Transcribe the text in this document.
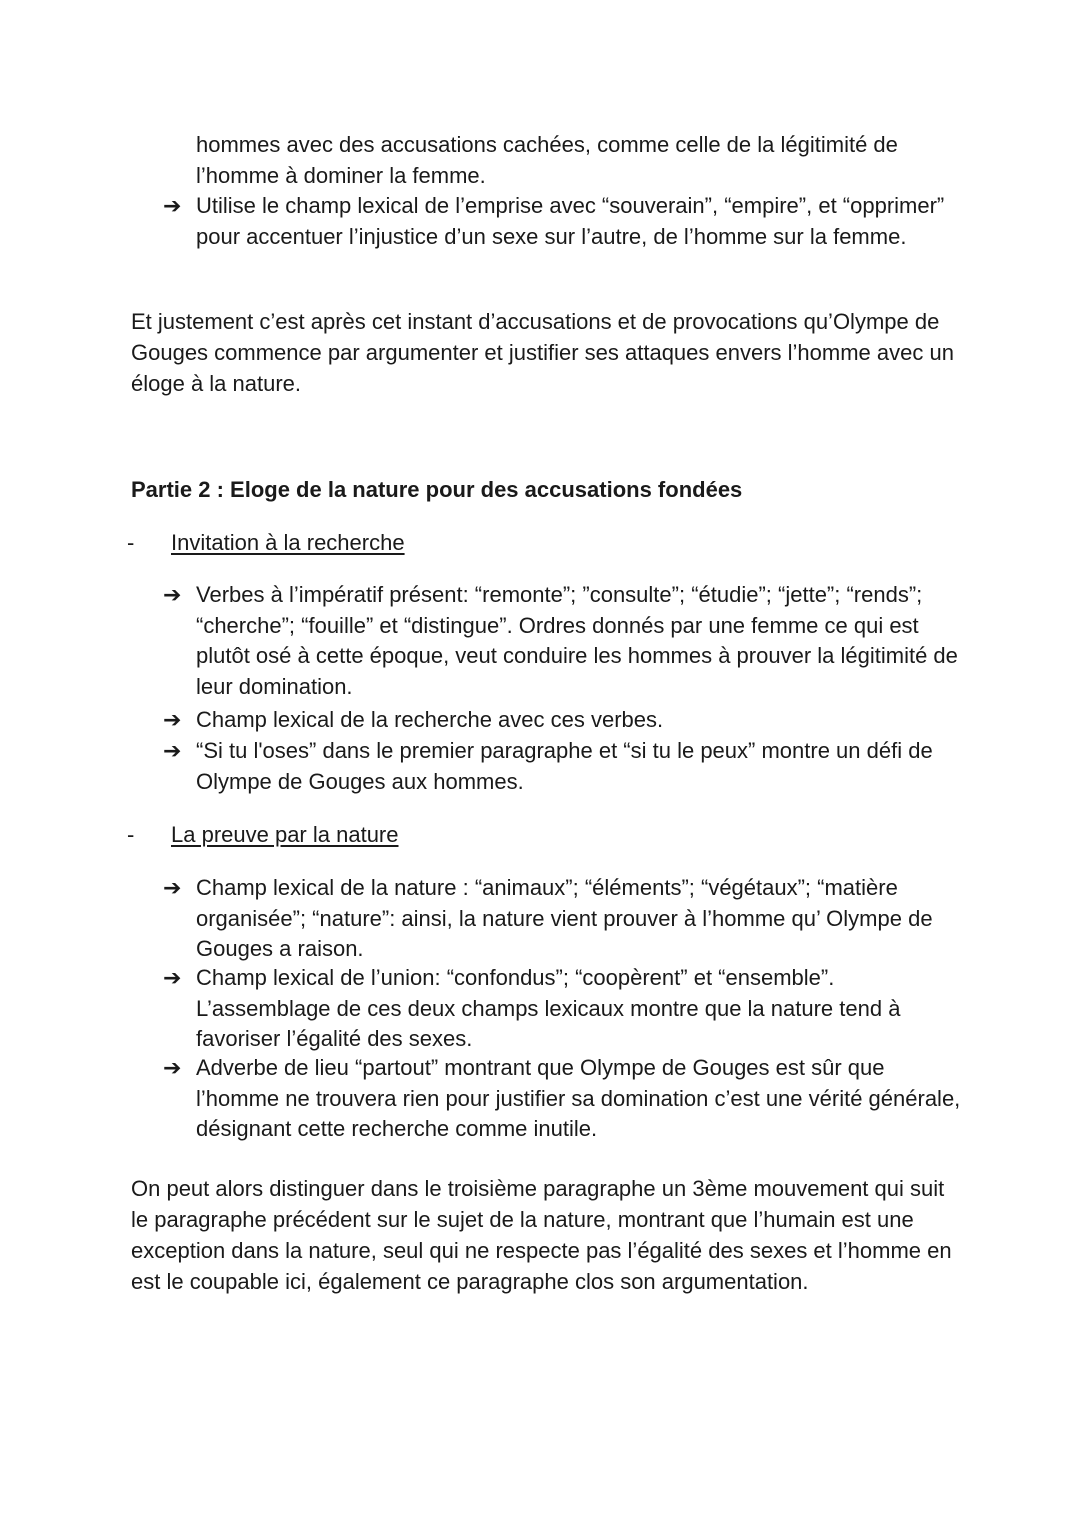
hommes avec des accusations cachées, comme celle de la légitimité de l’homme à dominer la femme.
➔ Utilise le champ lexical de l’emprise avec “souverain”, “empire”, et “opprimer” pour accentuer l’injustice d’un sexe sur l’autre, de l’homme sur la femme.

Et justement c’est après cet instant d’accusations et de provocations qu’Olympe de Gouges commence par argumenter et justifier ses attaques envers l’homme avec un éloge à la nature.

Partie 2 : Eloge de la nature pour des accusations fondées
- Invitation à la recherche
➔ Verbes à l’impératif présent: “remonte”; ”consulte”; “étudie”; “jette”; “rends”; “cherche”; “fouille” et “distingue”. Ordres donnés par une femme ce qui est plutôt osé à cette époque, veut conduire les hommes à prouver la légitimité de leur domination.
➔ Champ lexical de la recherche avec ces verbes.
➔ “Si tu l'oses” dans le premier paragraphe et “si tu le peux” montre un défi de Olympe de Gouges aux hommes.
- La preuve par la nature
➔ Champ lexical de la nature : “animaux”; “éléments”; “végétaux”; “matière organisée”; “nature”: ainsi, la nature vient prouver à l’homme qu’ Olympe de Gouges a raison.
➔ Champ lexical de l’union: “confondus”; “coopèrent” et “ensemble”. L’assemblage de ces deux champs lexicaux montre que la nature tend à favoriser l’égalité des sexes.
➔ Adverbe de lieu “partout” montrant que Olympe de Gouges est sûr que l’homme ne trouvera rien pour justifier sa domination c’est une vérité générale, désignant cette recherche comme inutile.

On peut alors distinguer dans le troisième paragraphe un 3ème mouvement qui suit le paragraphe précédent sur le sujet de la nature, montrant que l’humain est une exception dans la nature, seul qui ne respecte pas l’égalité des sexes et l’homme en est le coupable ici, également ce paragraphe clos son argumentation.
